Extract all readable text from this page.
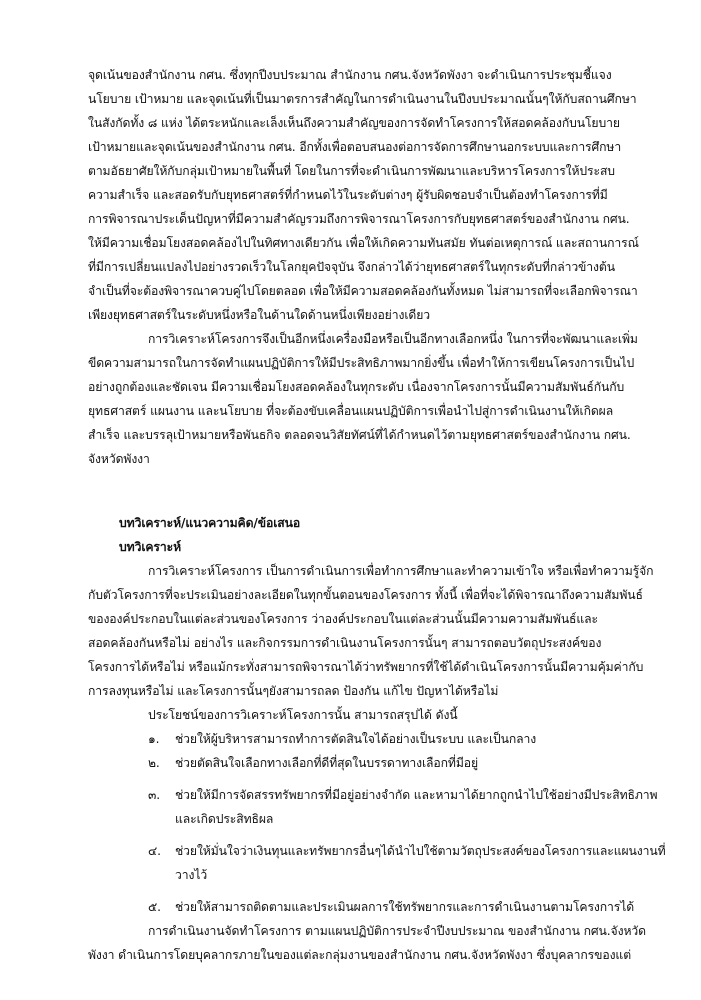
จุดเน้นของสำนักงาน กศน. ซึ่งทุกปีงบประมาณ สำนักงาน กศน.จังหวัดพังงา จะดำเนินการประชุมชี้แจง
นโยบาย เป้าหมาย และจุดเน้นที่เป็นมาตรการสำคัญในการดำเนินงานในปีงบประมาณนั้นๆให้กับสถานศึกษา
ในสังกัดทั้ง ๘ แห่ง ได้ตระหนักและเล็งเห็นถึงความสำคัญของการจัดทำโครงการให้สอดคล้องกับนโยบาย
เป้าหมายและจุดเน้นของสำนักงาน กศน. อีกทั้งเพื่อตอบสนองต่อการจัดการศึกษานอกระบบและการศึกษา
ตามอัธยาศัยให้กับกลุ่มเป้าหมายในพื้นที่ โดยในการที่จะดำเนินการพัฒนาและบริหารโครงการให้ประสบ
ความสำเร็จ และสอดรับกับยุทธศาสตร์ที่กำหนดไว้ในระดับต่างๆ ผู้รับผิดชอบจำเป็นต้องทำโครงการที่มี
การพิจารณาประเด็นปัญหาที่มีความสำคัญรวมถึงการพิจารณาโครงการกับยุทธศาสตร์ของสำนักงาน กศน.
ให้มีความเชื่อมโยงสอดคล้องไปในทิศทางเดียวกัน เพื่อให้เกิดความทันสมัย ทันต่อเหตุการณ์ และสถานการณ์
ที่มีการเปลี่ยนแปลงไปอย่างรวดเร็วในโลกยุคปัจจุบัน จึงกล่าวได้ว่ายุทธศาสตร์ในทุกระดับที่กล่าวข้างต้น
จำเป็นที่จะต้องพิจารณาควบคู่ไปโดยตลอด เพื่อให้มีความสอดคล้องกันทั้งหมด ไม่สามารถที่จะเลือกพิจารณา
เพียงยุทธศาสตร์ในระดับหนึ่งหรือในด้านใดด้านหนึ่งเพียงอย่างเดียว
การวิเคราะห์โครงการจึงเป็นอีกหนึ่งเครื่องมือหรือเป็นอีกทางเลือกหนึ่ง ในการที่จะพัฒนาและเพิ่ม
ขีดความสามารถในการจัดทำแผนปฏิบัติการให้มีประสิทธิภาพมากยิ่งขึ้น เพื่อทำให้การเขียนโครงการเป็นไป
อย่างถูกต้องและชัดเจน มีความเชื่อมโยงสอดคล้องในทุกระดับ เนื่องจากโครงการนั้นมีความสัมพันธ์กันกับ
ยุทธศาสตร์ แผนงาน และนโยบาย ที่จะต้องขับเคลื่อนแผนปฏิบัติการเพื่อนำไปสู่การดำเนินงานให้เกิดผล
สำเร็จ และบรรลุเป้าหมายหรือพันธกิจ ตลอดจนวิสัยทัศน์ที่ได้กำหนดไว้ตามยุทธศาสตร์ของสำนักงาน กศน.
จังหวัดพังงา
บทวิเคราะห์/แนวความคิด/ข้อเสนอ
บทวิเคราะห์
การวิเคราะห์โครงการ เป็นการดำเนินการเพื่อทำการศึกษาและทำความเข้าใจ หรือเพื่อทำความรู้จัก
กับตัวโครงการที่จะประเมินอย่างละเอียดในทุกขั้นตอนของโครงการ ทั้งนี้ เพื่อที่จะได้พิจารณาถึงความสัมพันธ์
ขององค์ประกอบในแต่ละส่วนของโครงการ ว่าองค์ประกอบในแต่ละส่วนนั้นมีความความสัมพันธ์และ
สอดคล้องกันหรือไม่ อย่างไร และกิจกรรมการดำเนินงานโครงการนั้นๆ สามารถตอบวัตถุประสงค์ของ
โครงการได้หรือไม่ หรือแม้กระทั่งสามารถพิจารณาได้ว่าทรัพยากรที่ใช้ได้ดำเนินโครงการนั้นมีความคุ้มค่ากับ
การลงทุนหรือไม่ และโครงการนั้นๆยังสามารถลด ป้องกัน แก้ไข ปัญหาได้หรือไม่
ประโยชน์ของการวิเคราะห์โครงการนั้น สามารถสรุปได้ ดังนี้
๑. ช่วยให้ผู้บริหารสามารถทำการตัดสินใจได้อย่างเป็นระบบ และเป็นกลาง
๒. ช่วยตัดสินใจเลือกทางเลือกที่ดีที่สุดในบรรดาทางเลือกที่มีอยู่
๓. ช่วยให้มีการจัดสรรทรัพยากรที่มีอยู่อย่างจำกัด และหามาได้ยากถูกนำไปใช้อย่างมีประสิทธิภาพ
และเกิดประสิทธิผล
๔. ช่วยให้มั่นใจว่าเงินทุนและทรัพยากรอื่นๆได้นำไปใช้ตามวัตถุประสงค์ของโครงการและแผนงานที่
วางไว้
๕. ช่วยให้สามารถติดตามและประเมินผลการใช้ทรัพยากรและการดำเนินงานตามโครงการได้
การดำเนินงานจัดทำโครงการ ตามแผนปฏิบัติการประจำปีงบประมาณ ของสำนักงาน กศน.จังหวัด
พังงา ดำเนินการโดยบุคลากรภายในของแต่ละกลุ่มงานของสำนักงาน กศน.จังหวัดพังงา ซึ่งบุคลากรของแต่
